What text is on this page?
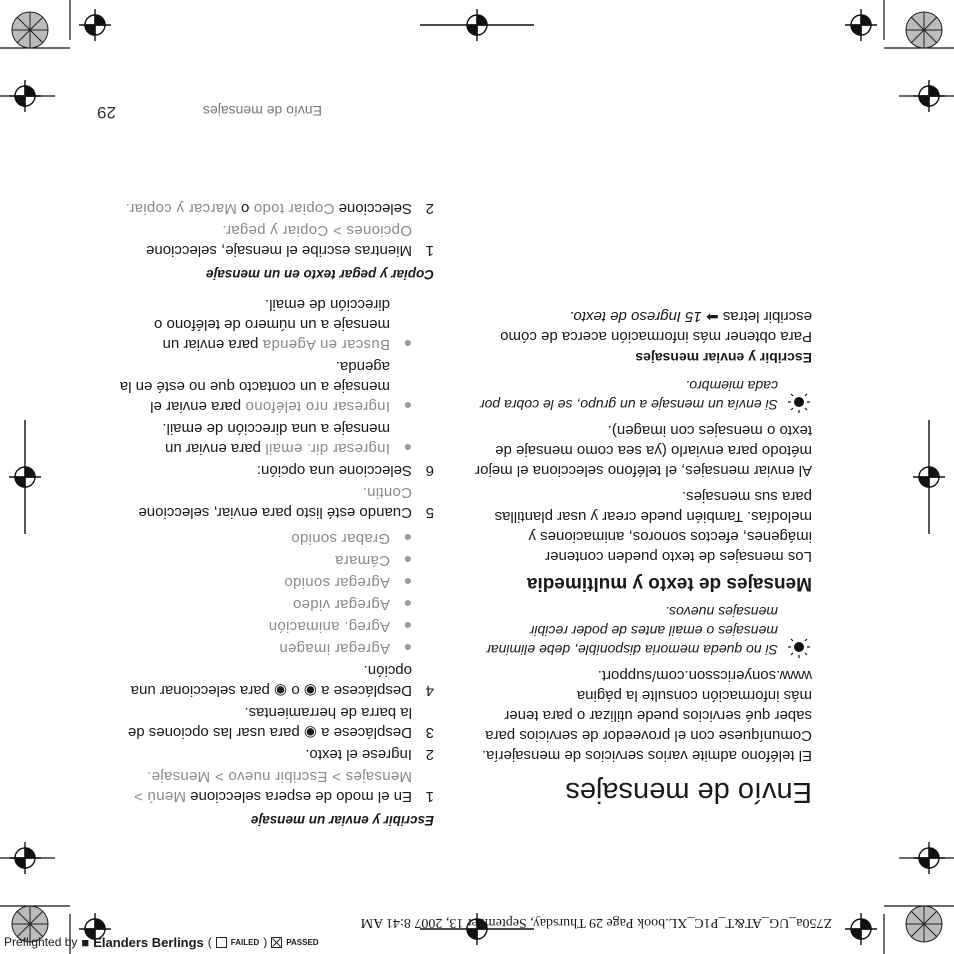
Envío de mensajes
29
Envío de mensajes

El teléfono admite varios servicios de mensajería. Comuníquese con el proveedor de servicios para saber qué servicios puede utilizar o para tener más información consulte la página www.sonyericsson.com/support.

Si no queda memoria disponible, debe eliminar mensajes o email antes de poder recibir mensajes nuevos.
Mensajes de texto y multimedia

Los mensajes de texto pueden contener imágenes, efectos sonoros, animaciones y melodías. También puede crear y usar plantillas para sus mensajes.

Al enviar mensajes, el teléfono selecciona el mejor método para enviarlo (ya sea como mensaje de texto o mensajes con imagen).

Si envía un mensaje a un grupo, se le cobra por cada miembro.
Escribir y enviar mensajes

Para obtener más información acerca de cómo escribir letras ➡ 15 Ingreso de texto.

Escribir y enviar un mensaje
1
En el modo de espera seleccione Menú > Mensajes > Escribir nuevo > Mensaje.
2
Ingrese el texto.
3
Desplácese a ◉ para usar las opciones de la barra de herramientas.
4
Desplácese a ◉ o ◉ para seleccionar una opción.
●
Agregar imagen
●
Agreg. animación
●
Agregar video
●
Agregar sonido
●
Cámara
●
Grabar sonido
5
Cuando esté listo para enviar, seleccione Contin.
6
Seleccione una opción:
●
Ingresar dir. email para enviar un mensaje a una dirección de email.
●
Ingresar nro teléfono para enviar el mensaje a un contacto que no esté en la agenda.
●
Buscar en Agenda para enviar un mensaje a un número de teléfono o dirección de email.
Copiar y pegar texto en un mensaje
1
Mientras escribe el mensaje, seleccione Opciones > Copiar y pegar.
2
Seleccione Copiar todo o Marcar y copiar.
Z750a_UG_AT&T_P1C_XL.book Page 29 Thursday, September 13, 2007 8:41 AM
Preflighted by ■ Elanders Berlings ( FAILED ) PASSED
